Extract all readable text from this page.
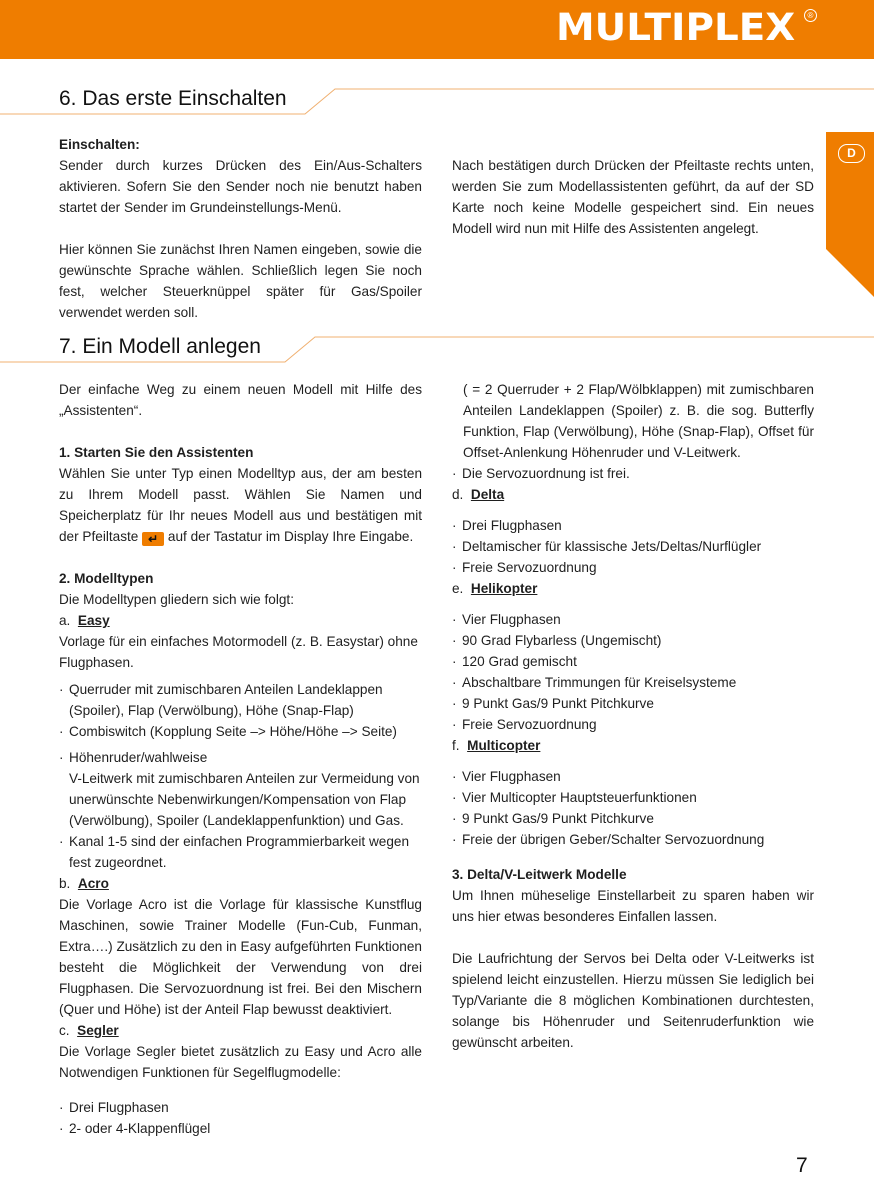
MULTIPLEX	®
D
6. Das erste Einschalten

Einschalten:

Sender durch kurzes Drücken des Ein/Aus-Schalters aktivieren. Sofern Sie den Sender noch nie benutzt haben startet der Sender im Grundeinstellungs-Menü.

Hier können Sie zunächst Ihren Namen eingeben, sowie die gewünschte Sprache wählen. Schließlich legen Sie noch fest, welcher Steuerknüppel später für Gas/Spoiler verwendet werden soll.

Nach bestätigen durch Drücken der Pfeiltaste rechts unten, werden Sie zum Modellassistenten geführt, da auf der SD Karte noch keine Modelle gespeichert sind. Ein neues Modell wird nun mit Hilfe des Assistenten angelegt.

7. Ein Modell anlegen

Der einfache Weg zu einem neuen Modell mit Hilfe des „Assistenten“.

1. Starten Sie den Assistenten

Wählen Sie unter Typ einen Modelltyp aus, der am besten zu Ihrem Modell passt. Wählen Sie Namen und Speicherplatz für Ihr neues Modell aus und bestätigen mit der Pfeiltaste ↵ auf der Tastatur im Display Ihre Eingabe.

2. Modelltypen

Die Modelltypen gliedern sich wie folgt:

a. Easy

Vorlage für ein einfaches Motormodell (z. B. Easystar) ohne Flugphasen.

· Querruder mit zumischbaren Anteilen Landeklappen (Spoiler), Flap (Verwölbung), Höhe (Snap-Flap)

· Combiswitch (Kopplung Seite –> Höhe/Höhe –> Seite)

· Höhenruder/wahlweise
V-Leitwerk mit zumischbaren Anteilen zur Vermeidung von unerwünschte Nebenwirkungen/Kompensation von Flap (Verwölbung), Spoiler (Landeklappenfunktion) und Gas.

· Kanal 1-5 sind der einfachen Programmierbarkeit wegen fest zugeordnet.

b. Acro

Die Vorlage Acro ist die Vorlage für klassische Kunstflug Maschinen, sowie Trainer Modelle (Fun-Cub, Funman, Extra….) Zusätzlich zu den in Easy aufgeführten Funktionen besteht die Möglichkeit der Verwendung von drei Flugphasen. Die Servozuordnung ist frei. Bei den Mischern (Quer und Höhe) ist der Anteil Flap bewusst deaktiviert.

c. Segler

Die Vorlage Segler bietet zusätzlich zu Easy und Acro alle Notwendigen Funktionen für Segelflugmodelle:

· Drei Flugphasen

· 2- oder 4-Klappenflügel

( = 2 Querruder + 2 Flap/Wölbklappen) mit zumischbaren Anteilen Landeklappen (Spoiler) z. B. die sog. Butterfly Funktion, Flap (Verwölbung), Höhe (Snap-Flap), Offset für Offset-Anlenkung Höhenruder und V-Leitwerk.

· Die Servozuordnung ist frei.

d. Delta

· Drei Flugphasen

· Deltamischer für klassische Jets/Deltas/Nurflügler

· Freie Servozuordnung

e. Helikopter

· Vier Flugphasen

· 90 Grad Flybarless (Ungemischt)

· 120 Grad gemischt

· Abschaltbare Trimmungen für Kreiselsysteme

· 9 Punkt Gas/9 Punkt Pitchkurve

· Freie Servozuordnung

f. Multicopter

· Vier Flugphasen

· Vier Multicopter Hauptsteuerfunktionen

· 9 Punkt Gas/9 Punkt Pitchkurve

· Freie der übrigen Geber/Schalter Servozuordnung

3. Delta/V-Leitwerk Modelle

Um Ihnen müheselige Einstellarbeit zu sparen haben wir uns hier etwas besonderes Einfallen lassen.

Die Laufrichtung der Servos bei Delta oder V-Leitwerks ist spielend leicht einzustellen. Hierzu müssen Sie lediglich bei Typ/Variante die 8 möglichen Kombinationen durchtesten, solange bis Höhenruder und Seitenruderfunktion wie gewünscht arbeiten.

7
